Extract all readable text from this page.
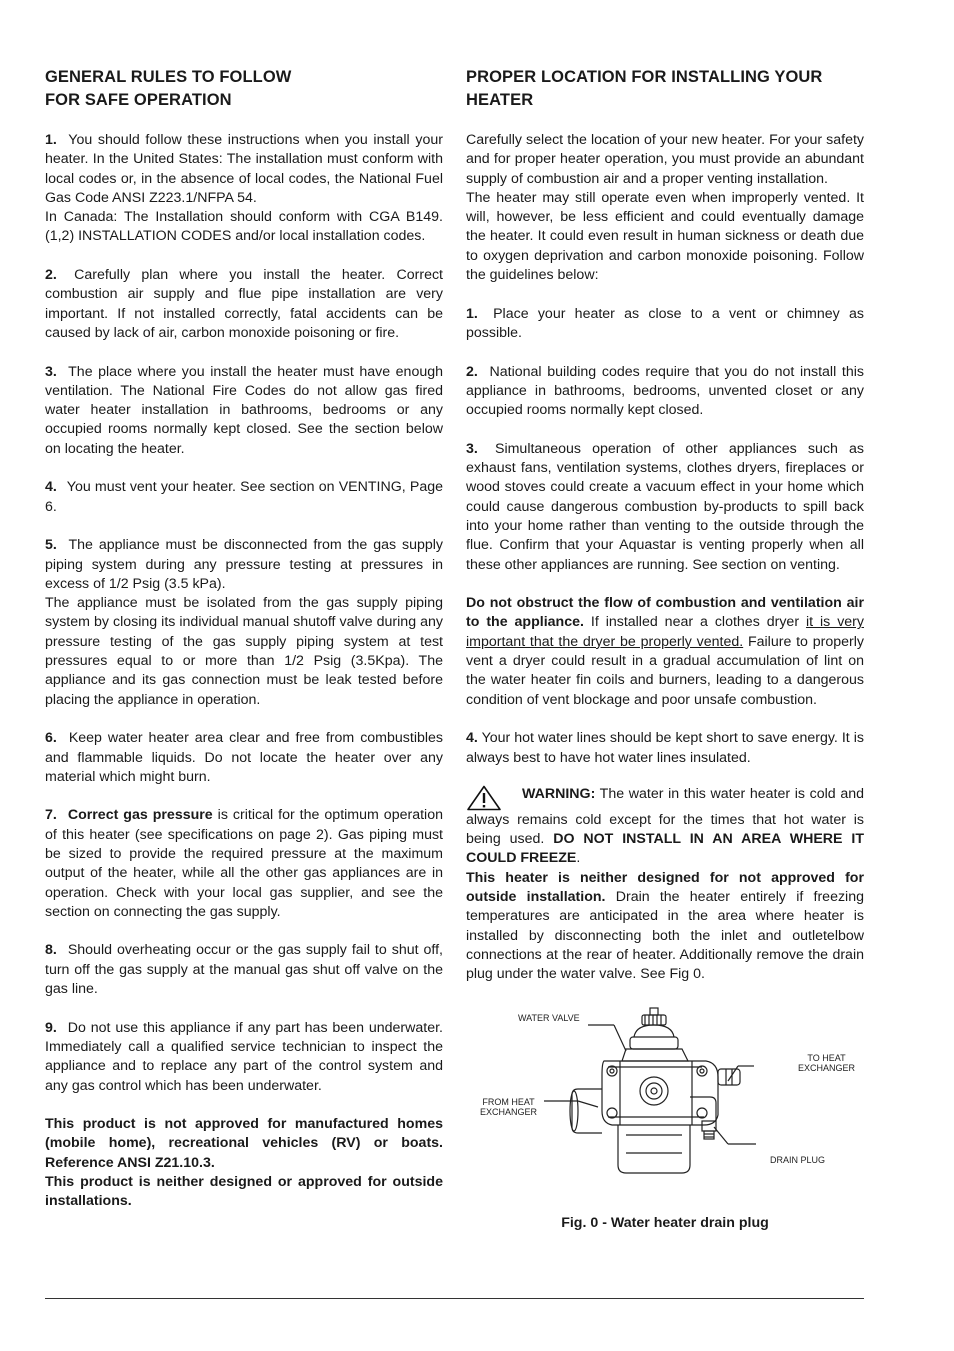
GENERAL RULES TO FOLLOW
FOR SAFE OPERATION

1. You should follow these instructions when you install your heater. In the United States: The installation must conform with local codes or, in the absence of local codes, the National Fuel Gas Code ANSI Z223.1/NFPA 54.

In Canada: The Installation should conform with CGA B149.(1,2) INSTALLATION CODES and/or local installation codes.

2. Carefully plan where you install the heater. Correct combustion air supply and flue pipe installation are very important. If not installed correctly, fatal accidents can be caused by lack of air, carbon monoxide poisoning or fire.

3. The place where you install the heater must have enough ventilation. The National Fire Codes do not allow gas fired water heater installation in bathrooms, bedrooms or any occupied rooms normally kept closed. See the section below on locating the heater.

4. You must vent your heater. See section on VENTING, Page 6.

5. The appliance must be disconnected from the gas supply piping system during any pressure testing at pressures in excess of 1/2 Psig (3.5 kPa).

The appliance must be isolated from the gas supply piping system by closing its individual manual shutoff valve during any pressure testing of the gas supply piping system at test pressures equal to or more than 1/2 Psig (3.5Kpa). The appliance and its gas connection must be leak tested before placing the appliance in operation.

6. Keep water heater area clear and free from combustibles and flammable liquids. Do not locate the heater over any material which might burn.

7. Correct gas pressure is critical for the optimum operation of this heater (see specifications on page 2). Gas piping must be sized to provide the required pressure at the maximum output of the heater, while all the other gas appliances are in operation. Check with your local gas supplier, and see the section on connecting the gas supply.

8. Should overheating occur or the gas supply fail to shut off, turn off the gas supply at the manual gas shut off valve on the gas line.

9. Do not use this appliance if any part has been underwater. Immediately call a qualified service technician to inspect the appliance and to replace any part of the control system and any gas control which has been underwater.

This product is not approved for manufactured homes (mobile home), recreational vehicles (RV) or boats. Reference ANSI Z21.10.3.

This product is neither designed or approved for outside installations.

PROPER LOCATION FOR INSTALLING YOUR
HEATER

Carefully select the location of your new heater. For your safety and for proper heater operation, you must provide an abundant supply of combustion air and a proper venting installation.

The heater may still operate even when improperly vented. It will, however, be less efficient and could eventually damage the heater. It could even result in human sickness or death due to oxygen deprivation and carbon monoxide poisoning. Follow the guidelines below:

1. Place your heater as close to a vent or chimney as possible.

2. National building codes require that you do not install this appliance in bathrooms, bedrooms, unvented closet or any occupied rooms normally kept closed.

3. Simultaneous operation of other appliances such as exhaust fans, ventilation systems, clothes dryers, fireplaces or wood stoves could create a vacuum effect in your home which could cause dangerous combustion by-products to spill back into your home rather than venting to the outside through the flue. Confirm that your Aquastar is venting properly when all these other appliances are running. See section on venting.

Do not obstruct the flow of combustion and ventilation air to the appliance. If installed near a clothes dryer it is very important that the dryer be properly vented. Failure to properly vent a dryer could result in a gradual accumulation of lint on the water heater fin coils and burners, leading to a dangerous condition of vent blockage and poor unsafe combustion.

4. Your hot water lines should be kept short to save energy. It is always best to have hot water lines insulated.

WARNING: The water in this water heater is cold and always remains cold except for the times that hot water is being used. DO NOT INSTALL IN AN AREA WHERE IT COULD FREEZE.

This heater is neither designed for not approved for outside installation. Drain the heater entirely if freezing temperatures are anticipated in the area where heater is installed by disconnecting both the inlet and outletelbow connections at the rear of heater. Additionally remove the drain plug under the water valve. See Fig 0.

WATER VALVE
TO HEAT
EXCHANGER
FROM HEAT
EXCHANGER
DRAIN PLUG
Fig. 0 - Water heater drain plug
